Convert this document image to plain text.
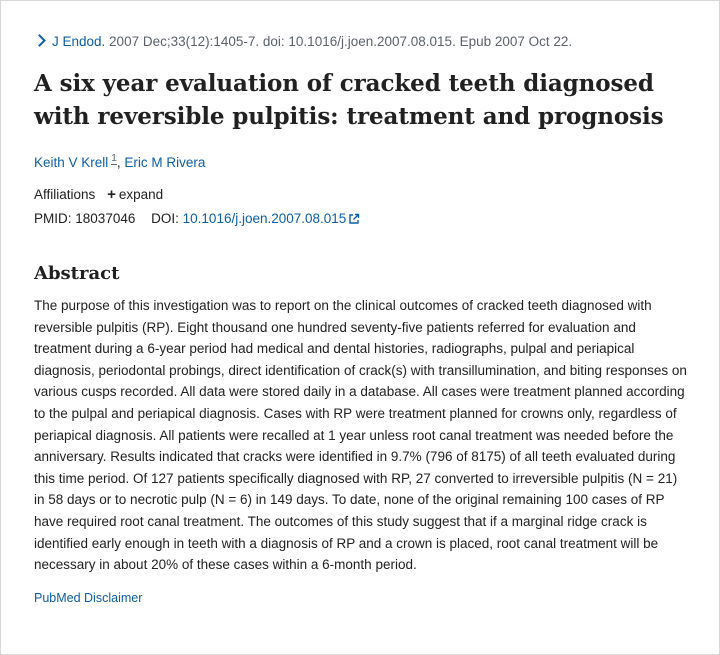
J Endod. 2007 Dec;33(12):1405-7. doi: 10.1016/j.joen.2007.08.015. Epub 2007 Oct 22.
A six year evaluation of cracked teeth diagnosed with reversible pulpitis: treatment and prognosis
Keith V Krell $^1$, Eric M Rivera
Affiliations + expand
PMID: 18037046 DOI: 10.1016/j.joen.2007.08.015
Abstract
The purpose of this investigation was to report on the clinical outcomes of cracked teeth diagnosed with reversible pulpitis (RP). Eight thousand one hundred seventy-five patients referred for evaluation and treatment during a 6-year period had medical and dental histories, radiographs, pulpal and periapical diagnosis, periodontal probings, direct identification of crack(s) with transillumination, and biting responses on various cusps recorded. All data were stored daily in a database. All cases were treatment planned according to the pulpal and periapical diagnosis. Cases with RP were treatment planned for crowns only, regardless of periapical diagnosis. All patients were recalled at 1 year unless root canal treatment was needed before the anniversary. Results indicated that cracks were identified in 9.7% (796 of 8175) of all teeth evaluated during this time period. Of 127 patients specifically diagnosed with RP, 27 converted to irreversible pulpitis (N = 21) in 58 days or to necrotic pulp (N = 6) in 149 days. To date, none of the original remaining 100 cases of RP have required root canal treatment. The outcomes of this study suggest that if a marginal ridge crack is identified early enough in teeth with a diagnosis of RP and a crown is placed, root canal treatment will be necessary in about 20% of these cases within a 6-month period.
PubMed Disclaimer
